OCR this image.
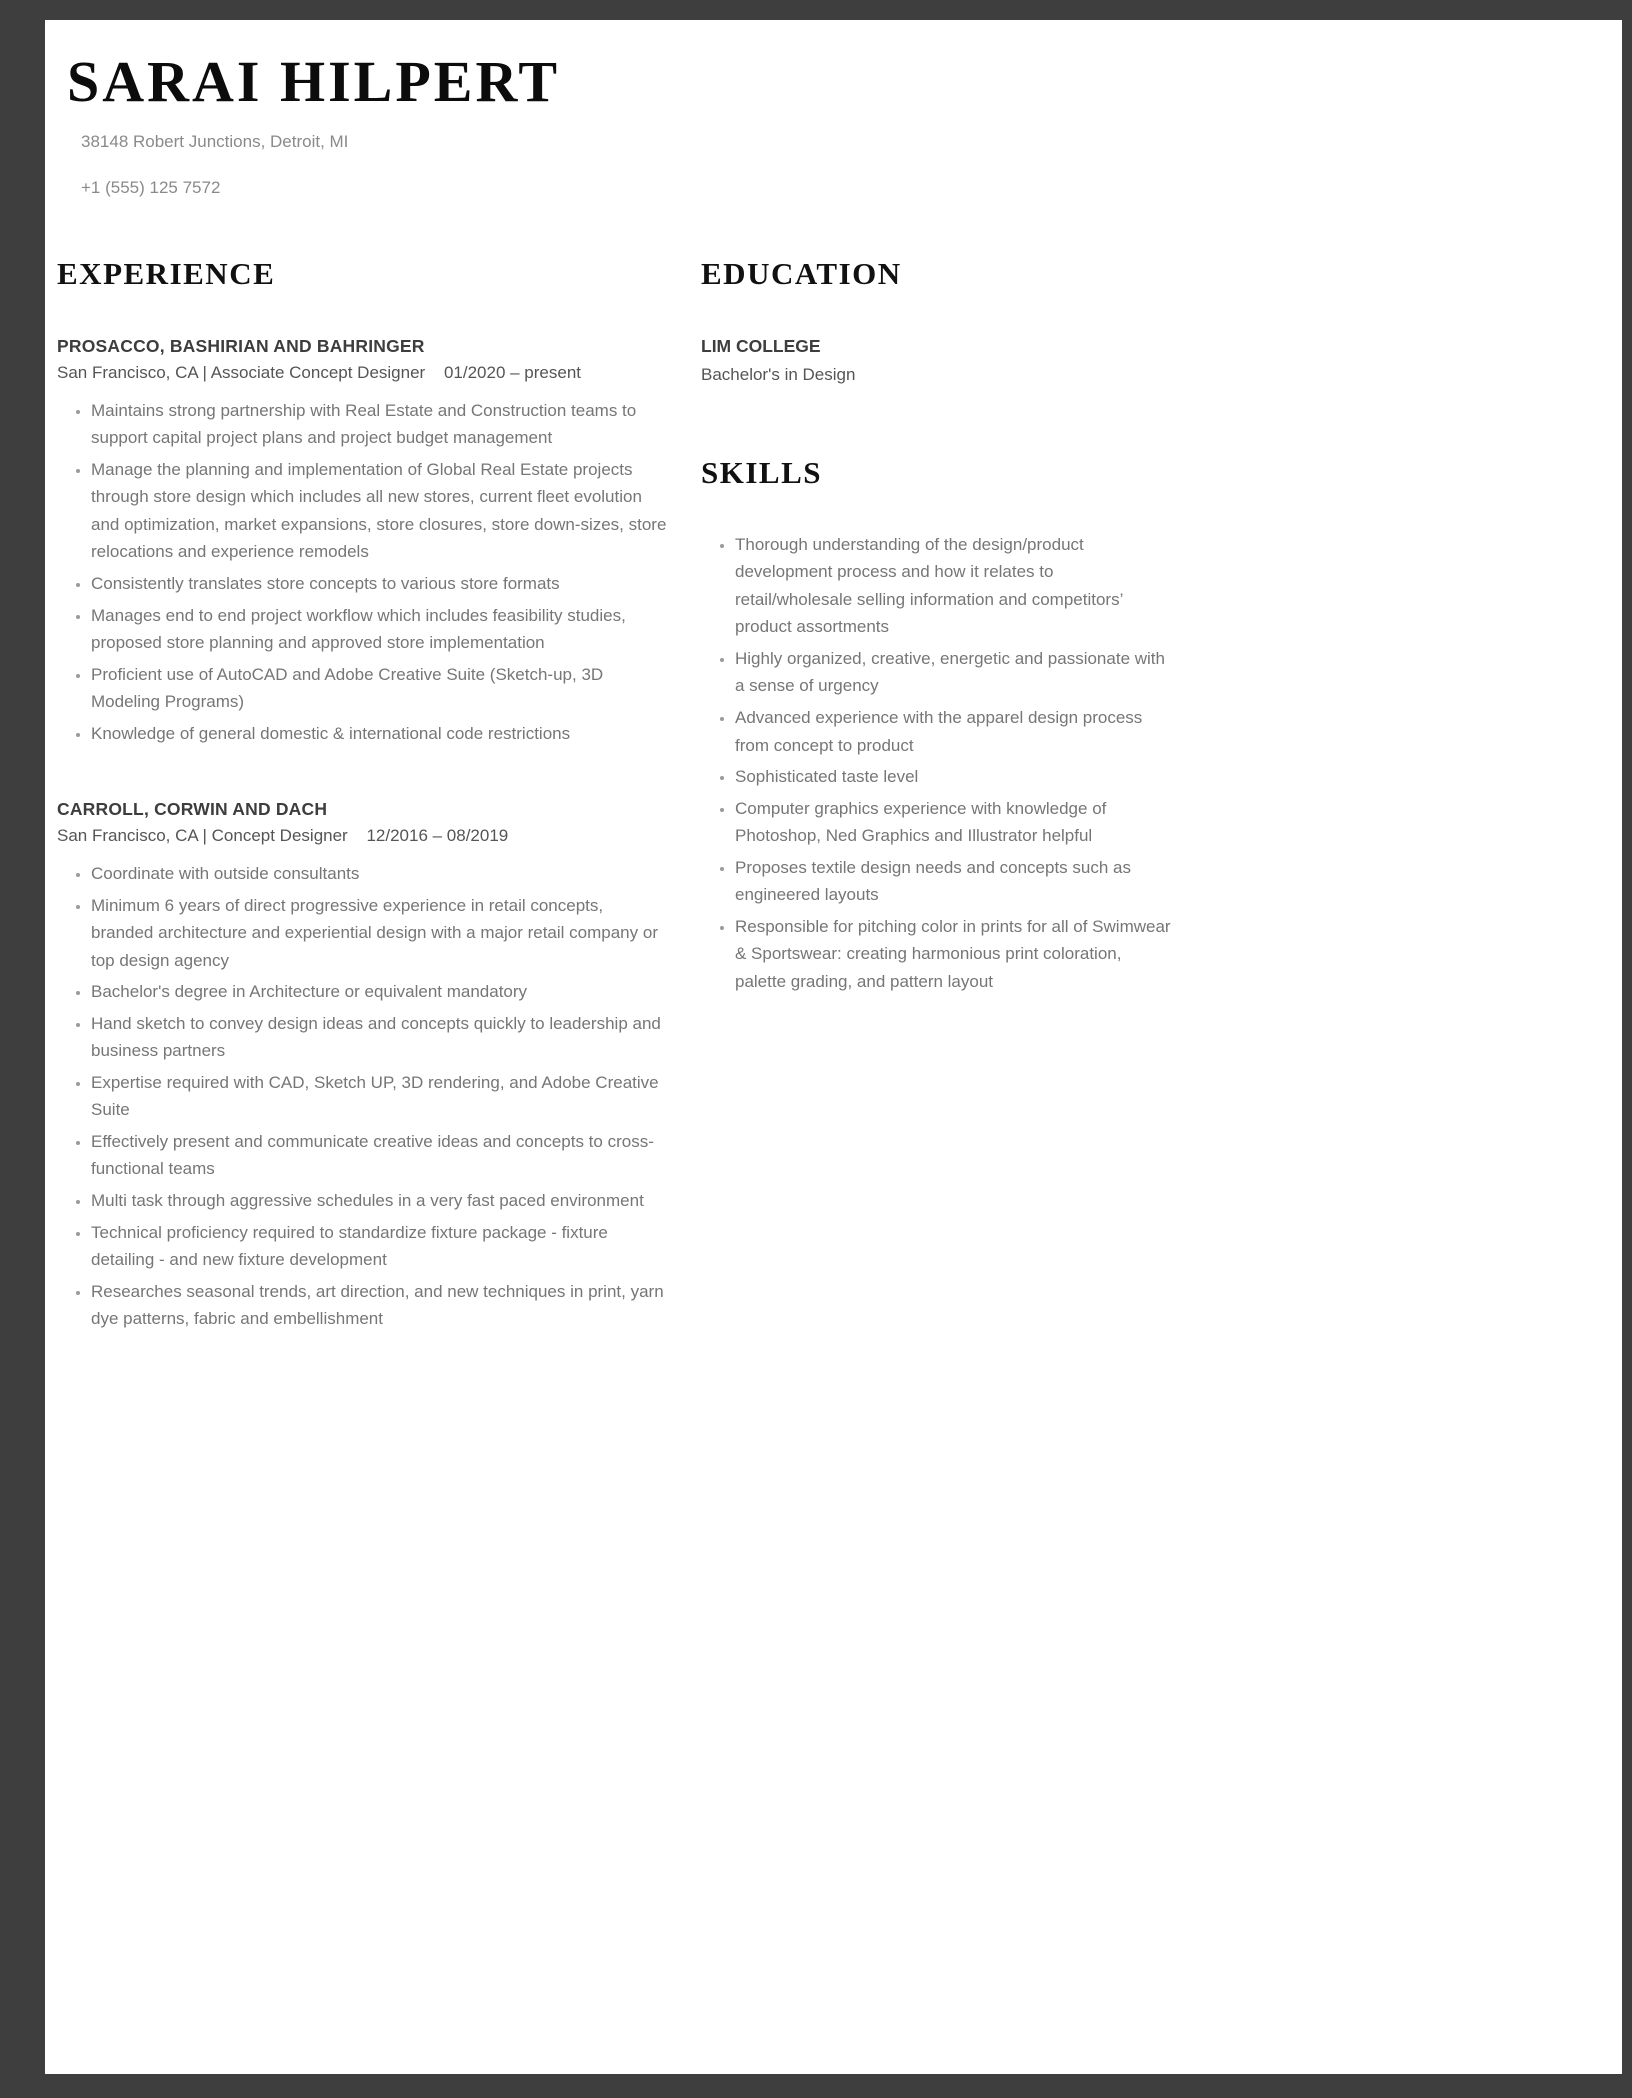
SARAI HILPERT

38148 Robert Junctions, Detroit, MI

+1 (555) 125 7572

EXPERIENCE

PROSACCO, BASHIRIAN AND BAHRINGER

San Francisco, CA | Associate Concept Designer 01/2020 – present

• Maintains strong partnership with Real Estate and Construction teams to support capital project plans and project budget management
• Manage the planning and implementation of Global Real Estate projects through store design which includes all new stores, current fleet evolution and optimization, market expansions, store closures, store down-sizes, store relocations and experience remodels
• Consistently translates store concepts to various store formats
• Manages end to end project workflow which includes feasibility studies, proposed store planning and approved store implementation
• Proficient use of AutoCAD and Adobe Creative Suite (Sketch-up, 3D Modeling Programs)
• Knowledge of general domestic & international code restrictions

CARROLL, CORWIN AND DACH

San Francisco, CA | Concept Designer 12/2016 – 08/2019

• Coordinate with outside consultants
• Minimum 6 years of direct progressive experience in retail concepts, branded architecture and experiential design with a major retail company or top design agency
• Bachelor's degree in Architecture or equivalent mandatory
• Hand sketch to convey design ideas and concepts quickly to leadership and business partners
• Expertise required with CAD, Sketch UP, 3D rendering, and Adobe Creative Suite
• Effectively present and communicate creative ideas and concepts to cross-functional teams
• Multi task through aggressive schedules in a very fast paced environment
• Technical proficiency required to standardize fixture package - fixture detailing - and new fixture development
• Researches seasonal trends, art direction, and new techniques in print, yarn dye patterns, fabric and embellishment
EDUCATION

LIM COLLEGE

Bachelor's in Design

SKILLS
• Thorough understanding of the design/product development process and how it relates to retail/wholesale selling information and competitors’ product assortments
• Highly organized, creative, energetic and passionate with a sense of urgency
• Advanced experience with the apparel design process from concept to product
• Sophisticated taste level
• Computer graphics experience with knowledge of Photoshop, Ned Graphics and Illustrator helpful
• Proposes textile design needs and concepts such as engineered layouts
• Responsible for pitching color in prints for all of Swimwear & Sportswear: creating harmonious print coloration, palette grading, and pattern layout
